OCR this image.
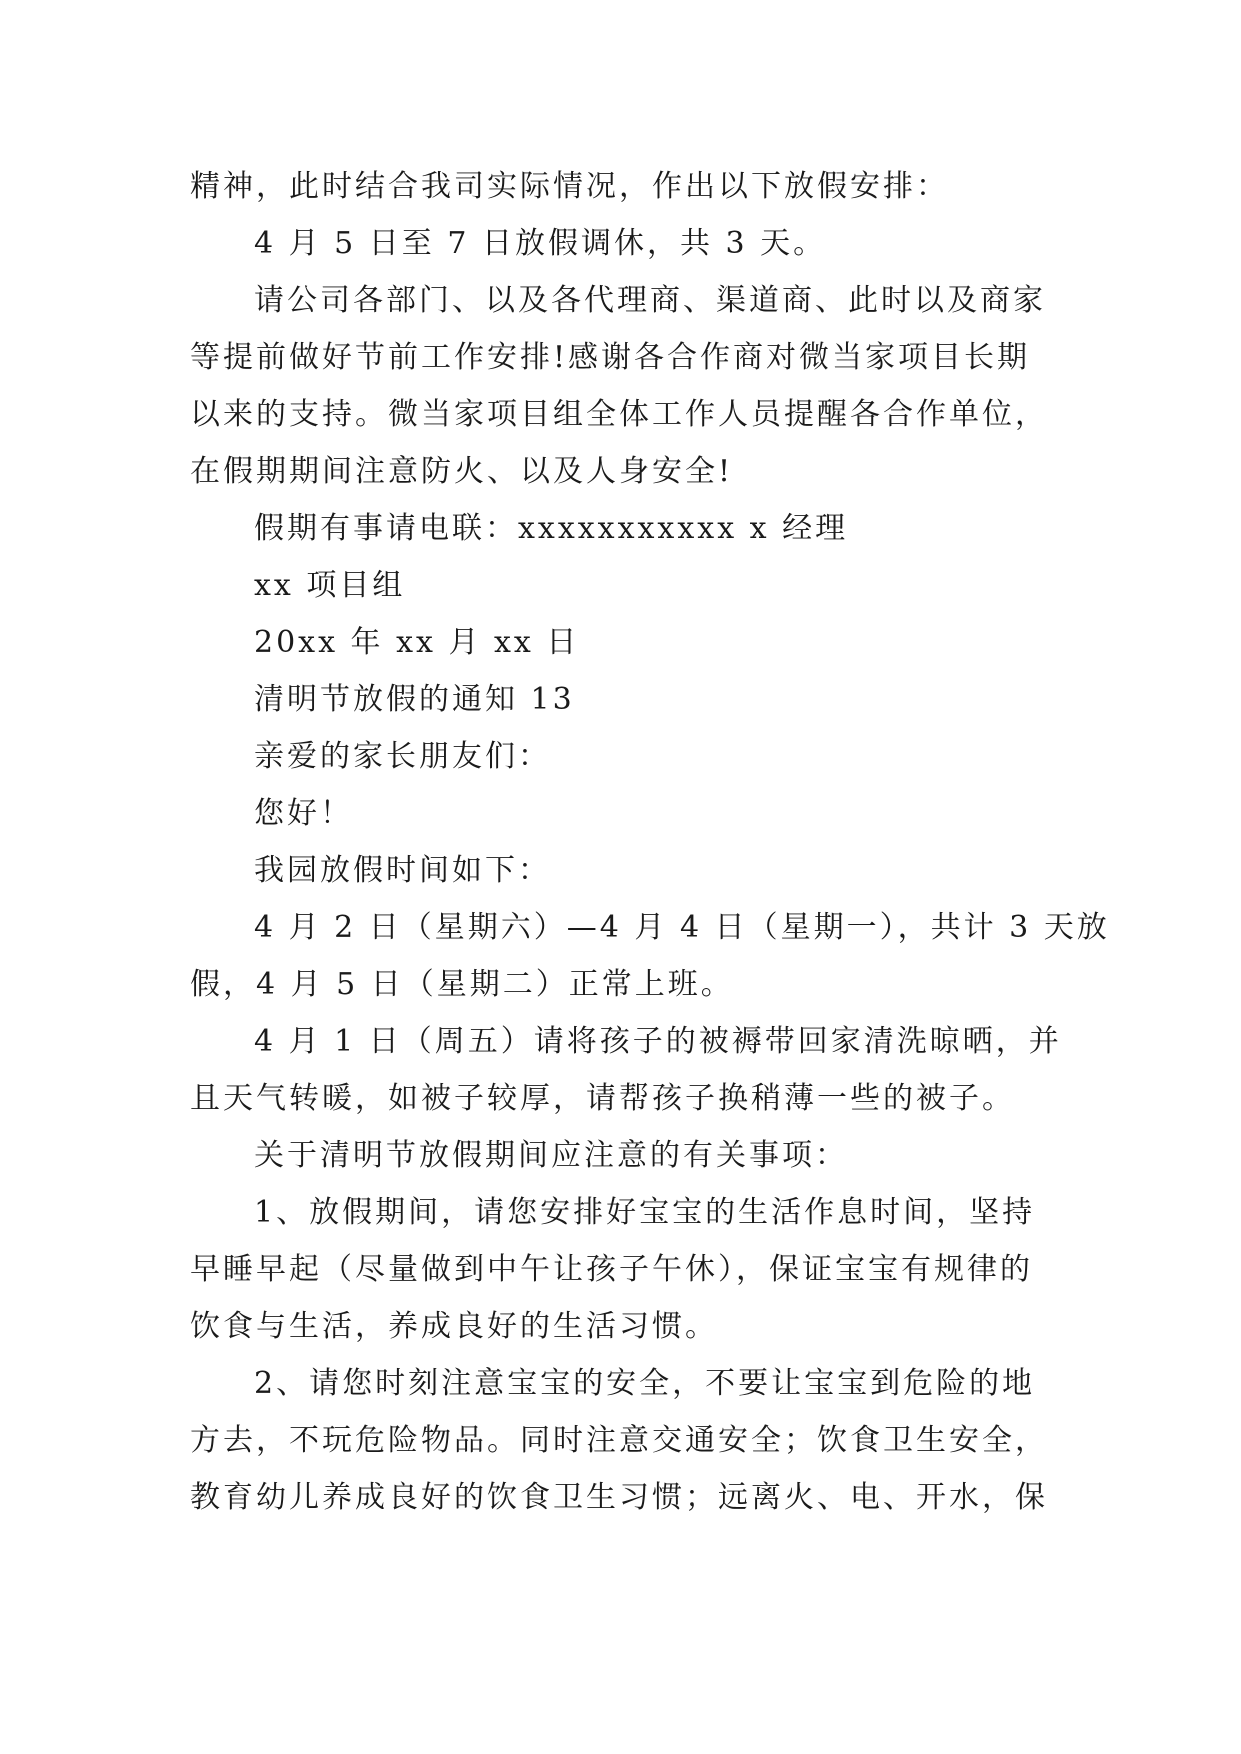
精神，此时结合我司实际情况，作出以下放假安排：

4 月 5 日至 7 日放假调休，共 3 天。

请公司各部门、以及各代理商、渠道商、此时以及商家

等提前做好节前工作安排!感谢各合作商对微当家项目长期

以来的支持。微当家项目组全体工作人员提醒各合作单位，

在假期期间注意防火、以及人身安全!

假期有事请电联：xxxxxxxxxxx x 经理

xx 项目组

20xx 年 xx 月 xx 日

清明节放假的通知 13

亲爱的家长朋友们：

您好！

我园放假时间如下：

4 月 2 日（星期六）—4 月 4 日（星期一），共计 3 天放

假，4 月 5 日（星期二）正常上班。

4 月 1 日（周五）请将孩子的被褥带回家清洗晾晒，并

且天气转暖，如被子较厚，请帮孩子换稍薄一些的被子。

关于清明节放假期间应注意的有关事项：

1、放假期间，请您安排好宝宝的生活作息时间，坚持

早睡早起（尽量做到中午让孩子午休），保证宝宝有规律的

饮食与生活，养成良好的生活习惯。

2、请您时刻注意宝宝的安全，不要让宝宝到危险的地

方去，不玩危险物品。同时注意交通安全；饮食卫生安全，

教育幼儿养成良好的饮食卫生习惯；远离火、电、开水，保
